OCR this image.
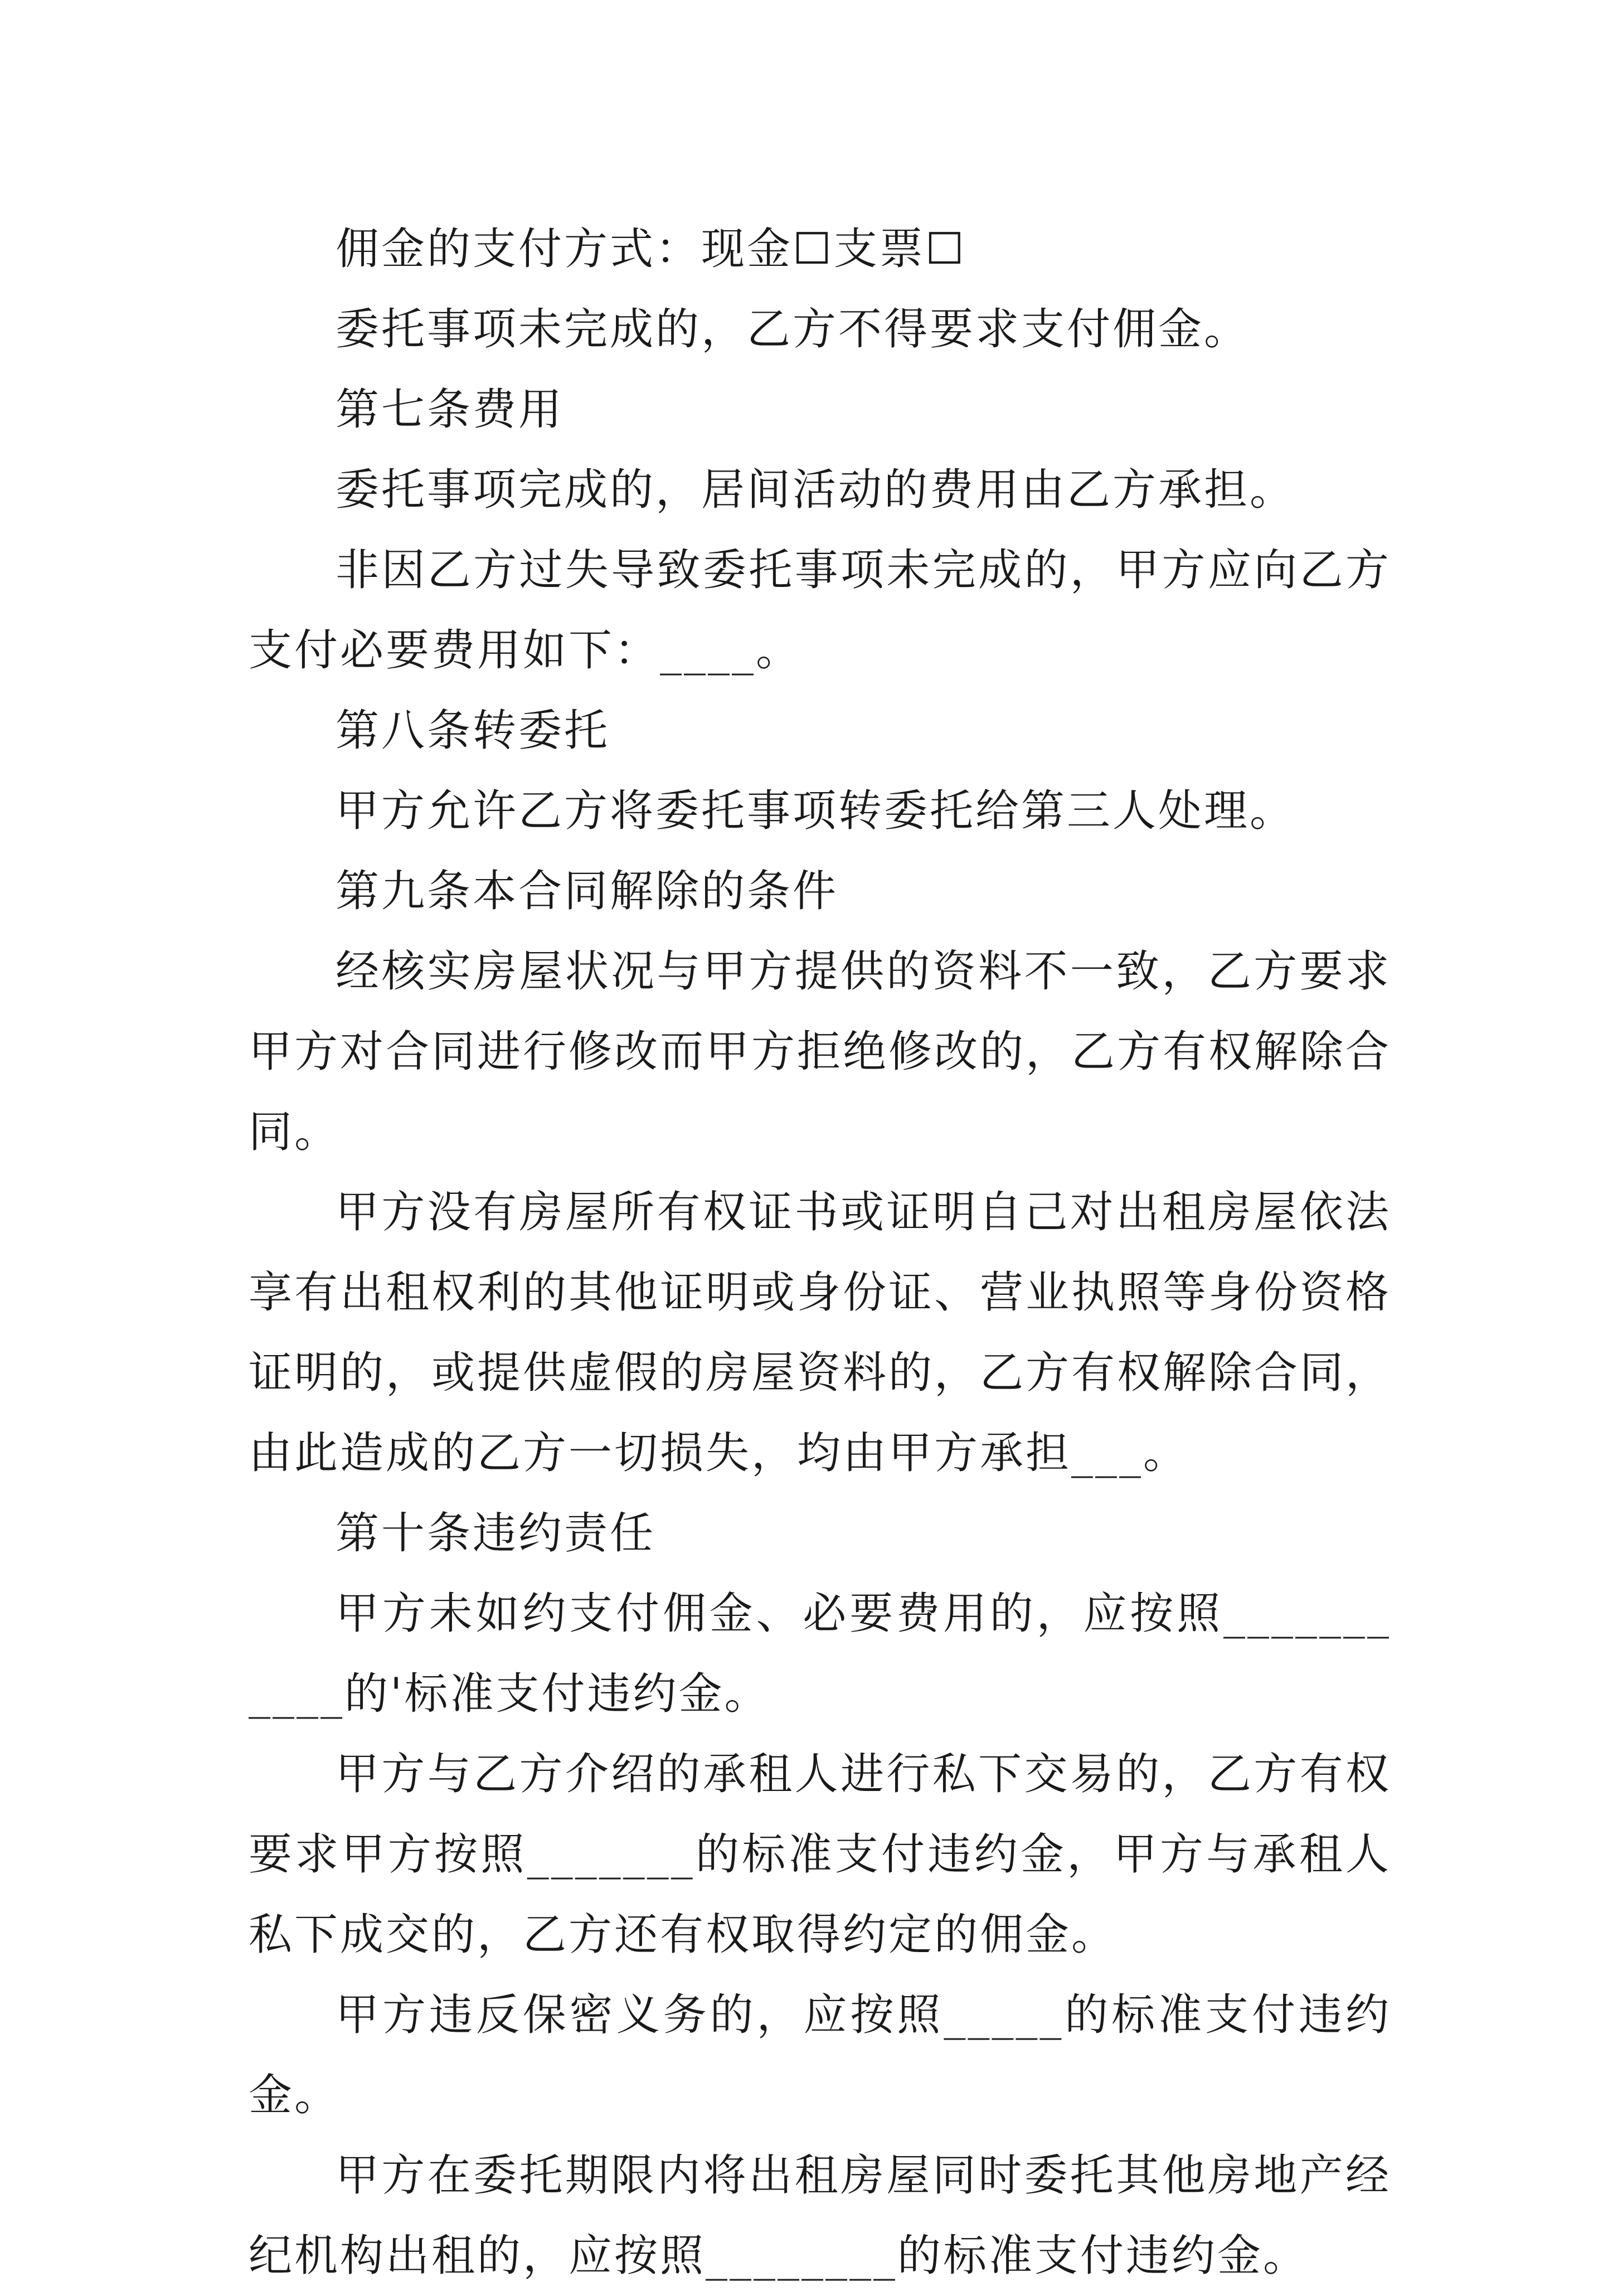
佣金的支付方式：现金☐支票☐

委托事项未完成的，乙方不得要求支付佣金。

第七条费用

委托事项完成的，居间活动的费用由乙方承担。

非因乙方过失导致委托事项未完成的，甲方应向乙方支付必要费用如下：____。

第八条转委托

甲方允许乙方将委托事项转委托给第三人处理。

第九条本合同解除的条件

经核实房屋状况与甲方提供的资料不一致，乙方要求甲方对合同进行修改而甲方拒绝修改的，乙方有权解除合同。

甲方没有房屋所有权证书或证明自己对出租房屋依法享有出租权利的其他证明或身份证、营业执照等身份资格证明的，或提供虚假的房屋资料的，乙方有权解除合同，由此造成的乙方一切损失，均由甲方承担___。

第十条违约责任

甲方未如约支付佣金、必要费用的，应按照___________的'标准支付违约金。

甲方与乙方介绍的承租人进行私下交易的，乙方有权要求甲方按照_______的标准支付违约金，甲方与承租人私下成交的，乙方还有权取得约定的佣金。

甲方违反保密义务的，应按照_____的标准支付违约金。

甲方在委托期限内将出租房屋同时委托其他房地产经纪机构出租的，应按照________的标准支付违约金。
